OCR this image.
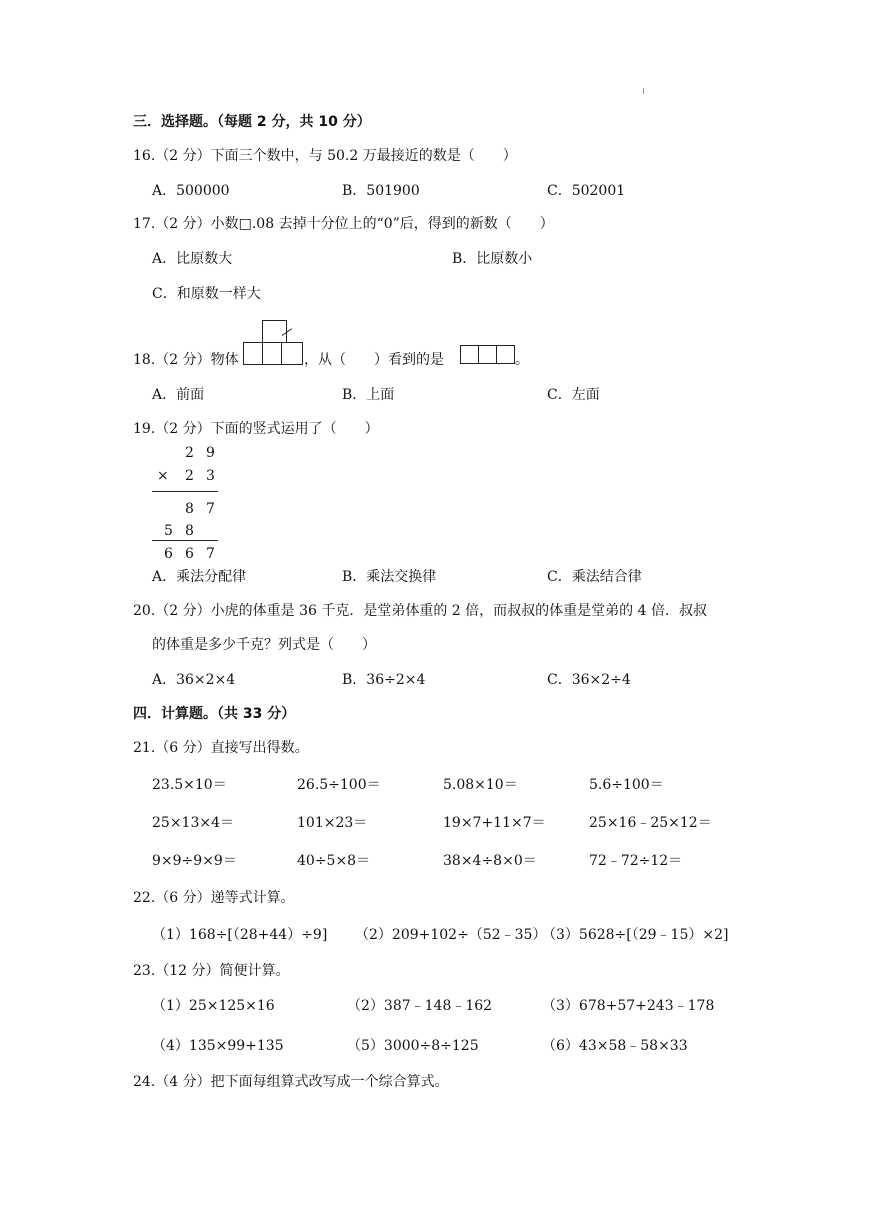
三．选择题。（每题 2 分，共 10 分）
16.（2 分）下面三个数中，与 50.2 万最接近的数是（　　）
A．500000	B．501900	C．502001
17.（2 分）小数□.08 去掉十分位上的“0”后，得到的新数（　　）
A．比原数大	B．比原数小
C．和原数一样大
18.（2 分）物体	，从（　　）看到的是	。
A．前面	B．上面	C．左面
19.（2 分）下面的竖式运用了（　　）
2 9
× 2 3
8 7
5 8
6 6 7
A．乘法分配律	B．乘法交换律	C．乘法结合律
20.（2 分）小虎的体重是 36 千克．是堂弟体重的 2 倍，而叔叔的体重是堂弟的 4 倍．叔叔
的体重是多少千克？列式是（　　）
A．36×2×4	B．36÷2×4	C．36×2÷4
四．计算题。（共 33 分）
21.（6 分）直接写出得数。
23.5×10＝	26.5÷100＝	5.08×10＝	5.6÷100＝
25×13×4＝	101×23＝	19×7+11×7＝	25×16﹣25×12＝
9×9÷9×9＝	40÷5×8＝	38×4÷8×0＝	72﹣72÷12＝
22.（6 分）递等式计算。
（1）168÷[（28+44）÷9] （2）209+102÷（52﹣35）
（3）5628÷[（29﹣15）×2]
23.（12 分）简便计算。
（1）25×125×16	（2）387﹣148﹣162	（3）678+57+243﹣178
（4）135×99+135	（5）3000÷8÷125	（6）43×58﹣58×33
24.（4 分）把下面每组算式改写成一个综合算式。
